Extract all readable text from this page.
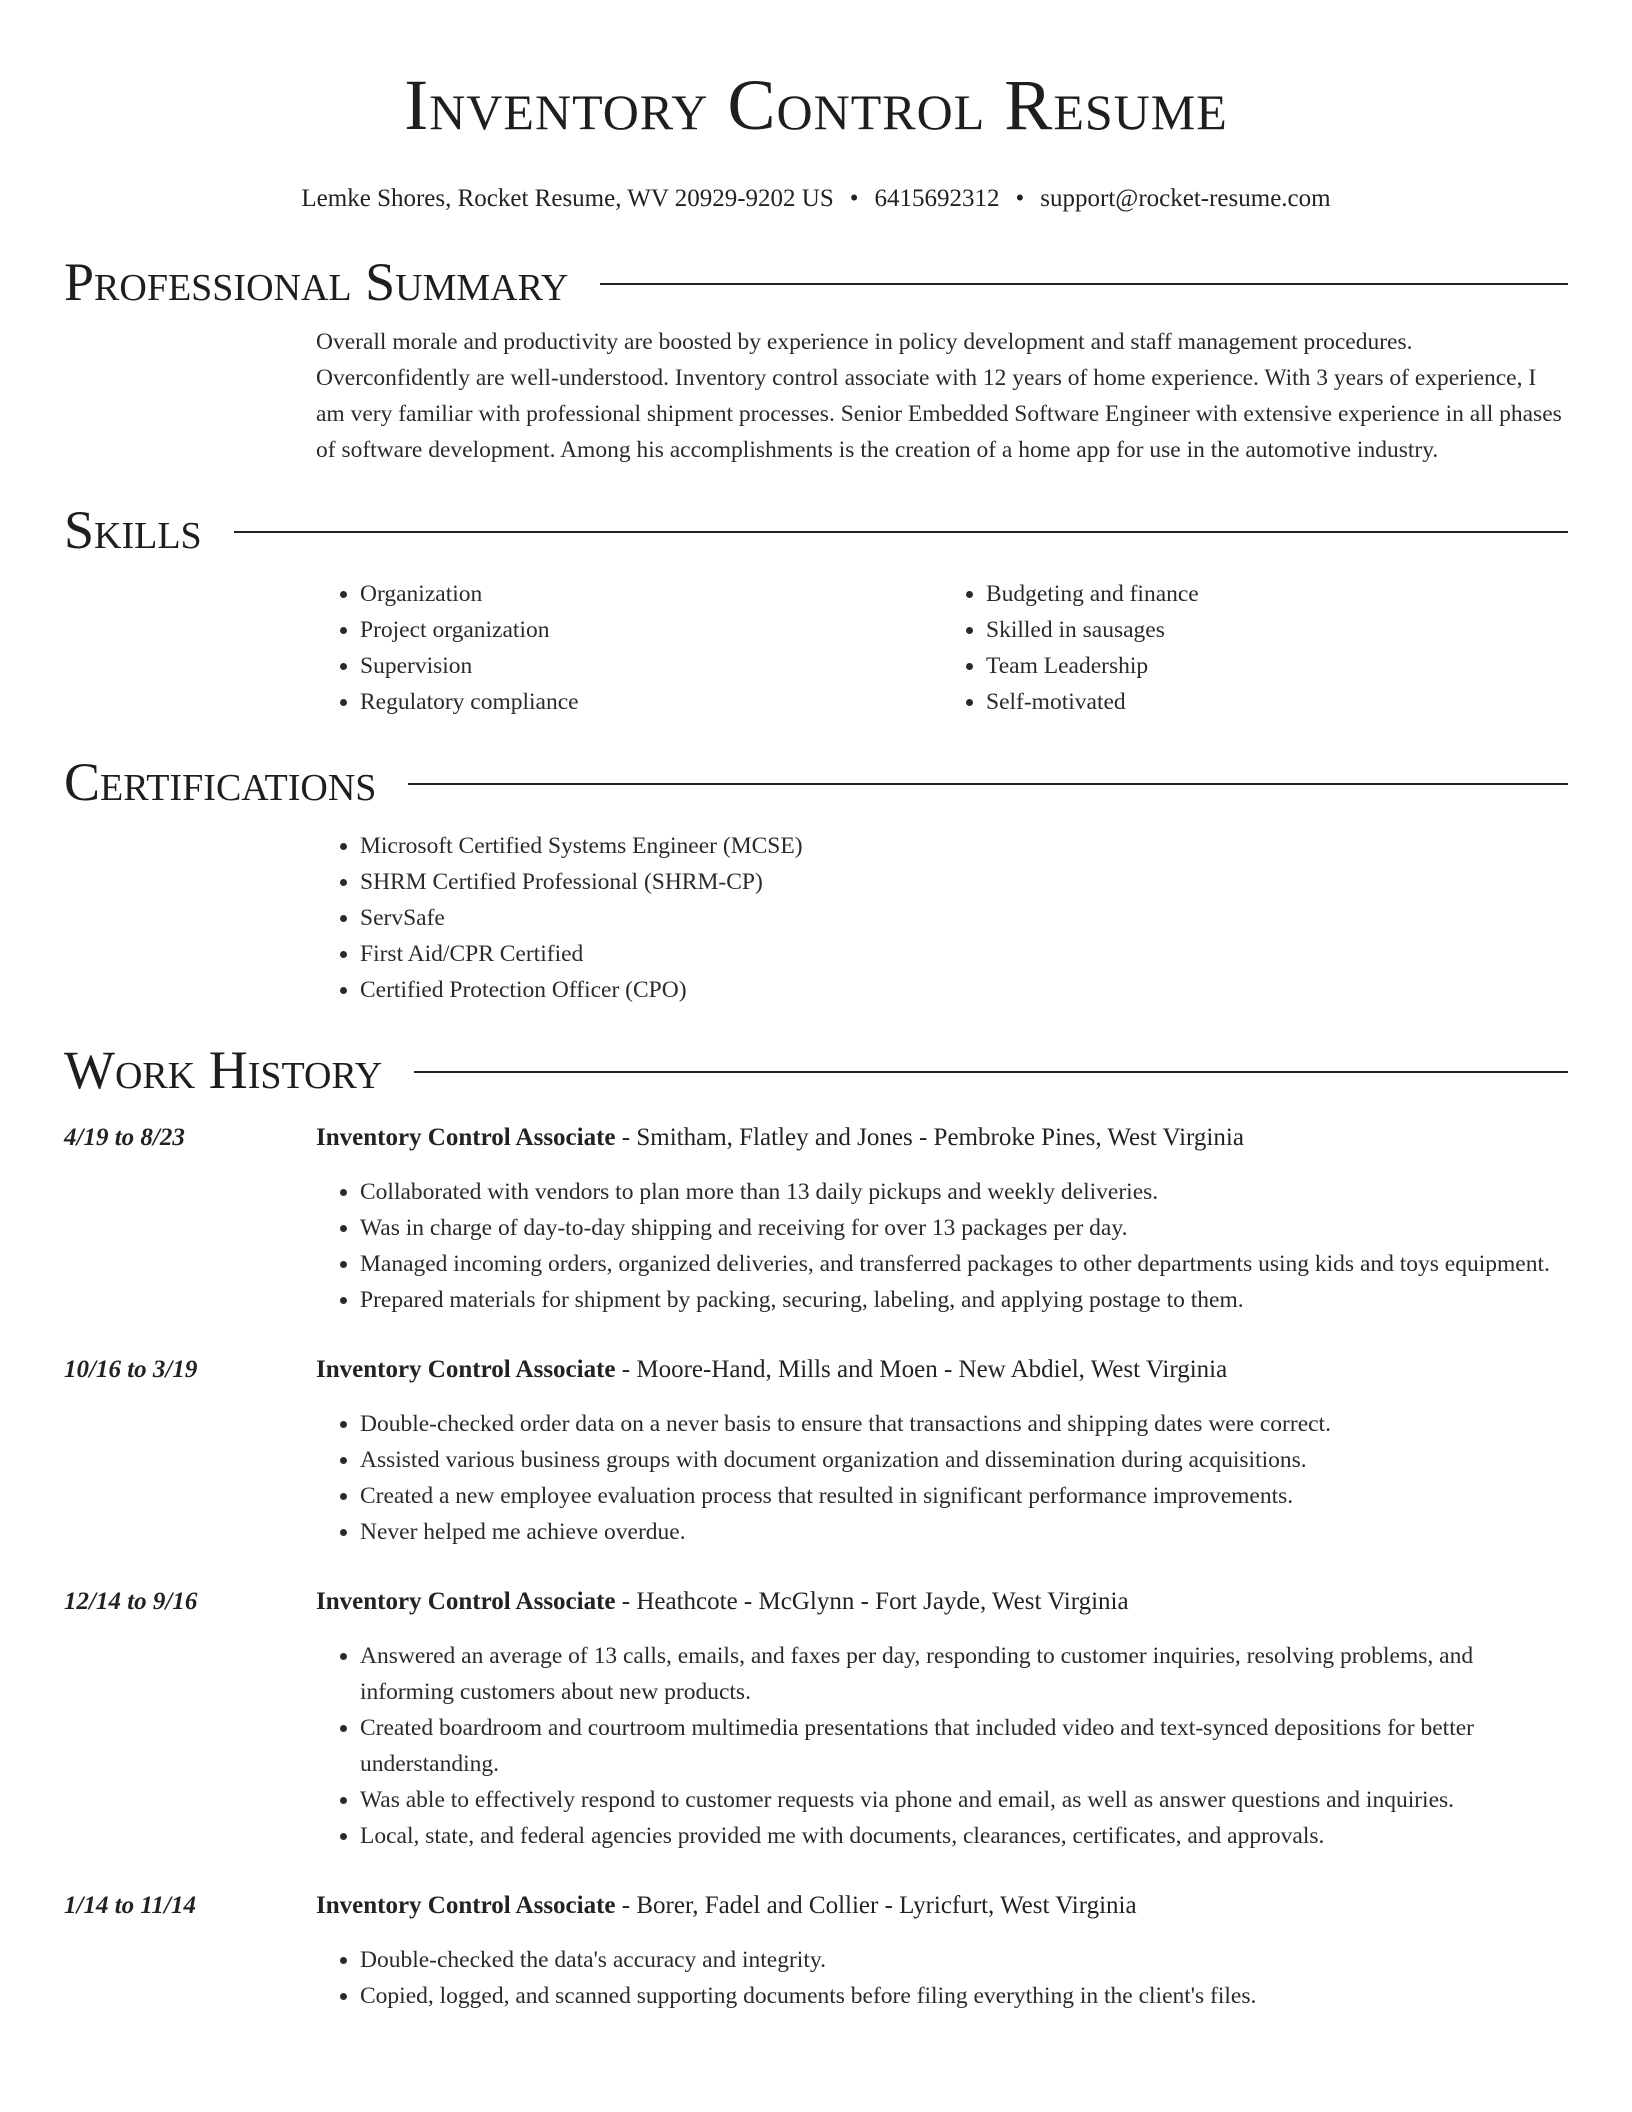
Inventory Control Resume
Lemke Shores, Rocket Resume, WV 20929-9202 US • 6415692312 • support@rocket-resume.com
Professional Summary
Overall morale and productivity are boosted by experience in policy development and staff management procedures. Overconfidently are well-understood. Inventory control associate with 12 years of home experience. With 3 years of experience, I am very familiar with professional shipment processes. Senior Embedded Software Engineer with extensive experience in all phases of software development. Among his accomplishments is the creation of a home app for use in the automotive industry.
Skills
• Organization
• Project organization
• Supervision
• Regulatory compliance
• Budgeting and finance
• Skilled in sausages
• Team Leadership
• Self-motivated
Certifications
• Microsoft Certified Systems Engineer (MCSE)
• SHRM Certified Professional (SHRM-CP)
• ServSafe
• First Aid/CPR Certified
• Certified Protection Officer (CPO)
Work History
4/19 to 8/23	Inventory Control Associate - Smitham, Flatley and Jones - Pembroke Pines, West Virginia
• Collaborated with vendors to plan more than 13 daily pickups and weekly deliveries.
• Was in charge of day-to-day shipping and receiving for over 13 packages per day.
• Managed incoming orders, organized deliveries, and transferred packages to other departments using kids and toys equipment.
• Prepared materials for shipment by packing, securing, labeling, and applying postage to them.
10/16 to 3/19	Inventory Control Associate - Moore-Hand, Mills and Moen - New Abdiel, West Virginia
• Double-checked order data on a never basis to ensure that transactions and shipping dates were correct.
• Assisted various business groups with document organization and dissemination during acquisitions.
• Created a new employee evaluation process that resulted in significant performance improvements.
• Never helped me achieve overdue.
12/14 to 9/16	Inventory Control Associate - Heathcote - McGlynn - Fort Jayde, West Virginia
• Answered an average of 13 calls, emails, and faxes per day, responding to customer inquiries, resolving problems, and informing customers about new products.
• Created boardroom and courtroom multimedia presentations that included video and text-synced depositions for better understanding.
• Was able to effectively respond to customer requests via phone and email, as well as answer questions and inquiries.
• Local, state, and federal agencies provided me with documents, clearances, certificates, and approvals.
1/14 to 11/14	Inventory Control Associate - Borer, Fadel and Collier - Lyricfurt, West Virginia
• Double-checked the data's accuracy and integrity.
• Copied, logged, and scanned supporting documents before filing everything in the client's files.
